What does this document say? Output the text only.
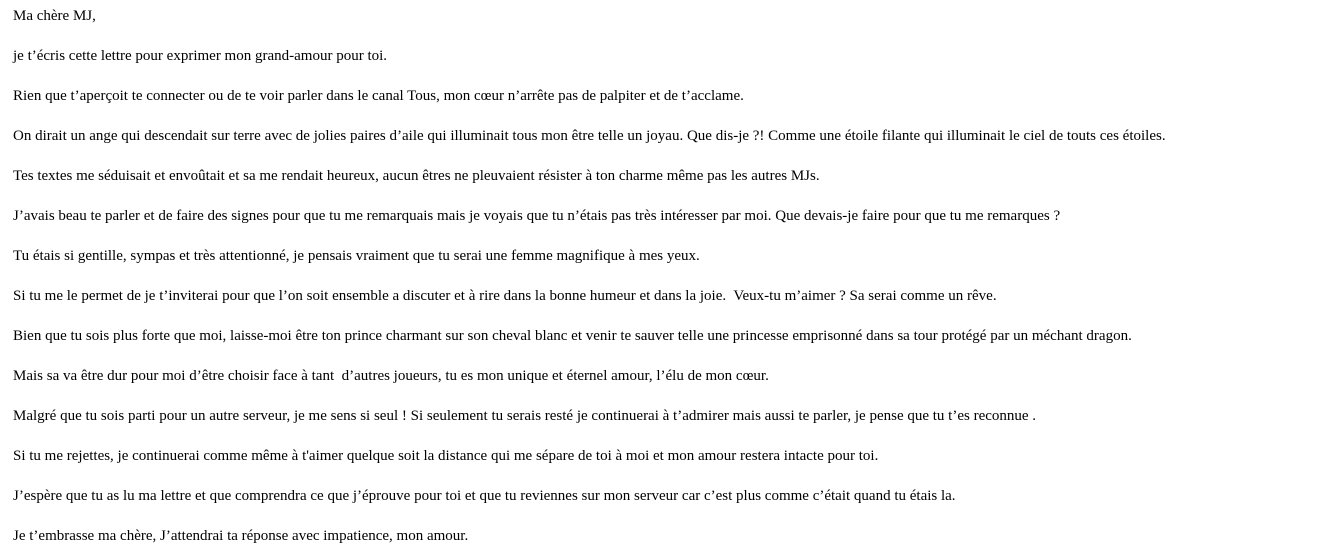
Ma chère MJ,

je t’écris cette lettre pour exprimer mon grand-amour pour toi.

Rien que t’aperçoit te connecter ou de te voir parler dans le canal Tous, mon cœur n’arrête pas de palpiter et de t’acclame.

On dirait un ange qui descendait sur terre avec de jolies paires d’aile qui illuminait tous mon être telle un joyau. Que dis-je ?! Comme une étoile filante qui illuminait le ciel de touts ces étoiles.

Tes textes me séduisait et envoûtait et sa me rendait heureux, aucun êtres ne pleuvaient résister à ton charme même pas les autres MJs.

J’avais beau te parler et de faire des signes pour que tu me remarquais mais je voyais que tu n’étais pas très intéresser par moi. Que devais-je faire pour que tu me remarques ?

Tu étais si gentille, sympas et très attentionné, je pensais vraiment que tu serai une femme magnifique à mes yeux.

Si tu me le permet de je t’inviterai pour que l’on soit ensemble a discuter et à rire dans la bonne humeur et dans la joie.  Veux-tu m’aimer ? Sa serai comme un rêve.

Bien que tu sois plus forte que moi, laisse-moi être ton prince charmant sur son cheval blanc et venir te sauver telle une princesse emprisonné dans sa tour protégé par un méchant dragon.

Mais sa va être dur pour moi d’être choisir face à tant  d’autres joueurs, tu es mon unique et éternel amour, l’élu de mon cœur.

Malgré que tu sois parti pour un autre serveur, je me sens si seul ! Si seulement tu serais resté je continuerai à t’admirer mais aussi te parler, je pense que tu t’es reconnue .

Si tu me rejettes, je continuerai comme même à t'aimer quelque soit la distance qui me sépare de toi à moi et mon amour restera intacte pour toi.

J’espère que tu as lu ma lettre et que comprendra ce que j’éprouve pour toi et que tu reviennes sur mon serveur car c’est plus comme c’était quand tu étais la.

Je t’embrasse ma chère, J’attendrai ta réponse avec impatience, mon amour.
